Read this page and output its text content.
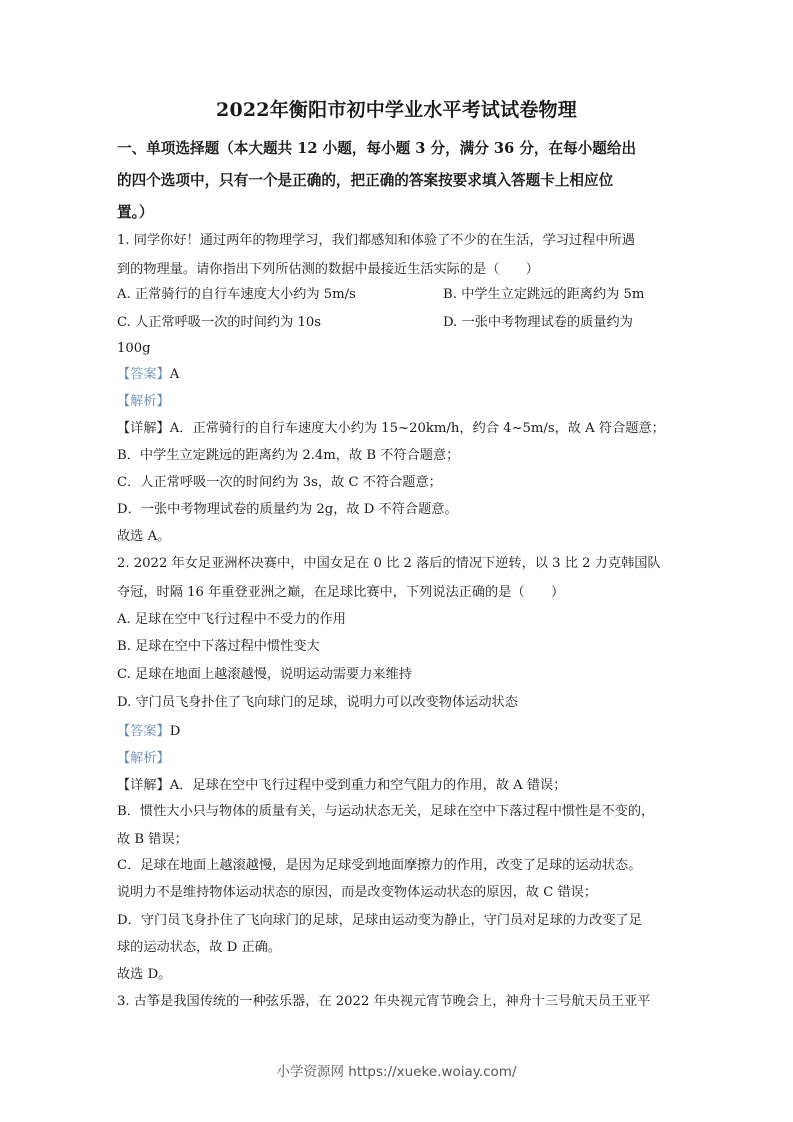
2022年衡阳市初中学业水平考试试卷物理
一、单项选择题（本大题共 12 小题，每小题 3 分，满分 36 分，在每小题给出
的四个选项中，只有一个是正确的，把正确的答案按要求填入答题卡上相应位
置。）
1. 同学你好！通过两年的物理学习，我们都感知和体验了不少的在生活，学习过程中所遇
到的物理量。请你指出下列所估测的数据中最接近生活实际的是（　　）
A. 正常骑行的自行车速度大小约为 5m/s	B. 中学生立定跳远的距离约为 5m
C. 人正常呼吸一次的时间约为 10s	D. 一张中考物理试卷的质量约为
100g
【答案】A
【解析】
【详解】A．正常骑行的自行车速度大小约为 15~20km/h，约合 4~5m/s，故 A 符合题意；
B．中学生立定跳远的距离约为 2.4m，故 B 不符合题意；
C．人正常呼吸一次的时间约为 3s，故 C 不符合题意；
D．一张中考物理试卷的质量约为 2g，故 D 不符合题意。
故选 A。
2. 2022 年女足亚洲杯决赛中，中国女足在 0 比 2 落后的情况下逆转，以 3 比 2 力克韩国队
夺冠，时隔 16 年重登亚洲之巅，在足球比赛中，下列说法正确的是（　　）
A. 足球在空中飞行过程中不受力的作用
B. 足球在空中下落过程中惯性变大
C. 足球在地面上越滚越慢，说明运动需要力来维持
D. 守门员飞身扑住了飞向球门的足球，说明力可以改变物体运动状态
【答案】D
【解析】
【详解】A．足球在空中飞行过程中受到重力和空气阻力的作用，故 A 错误；
B．惯性大小只与物体的质量有关，与运动状态无关，足球在空中下落过程中惯性是不变的，
故 B 错误；
C．足球在地面上越滚越慢，是因为足球受到地面摩擦力的作用，改变了足球的运动状态。
说明力不是维持物体运动状态的原因，而是改变物体运动状态的原因，故 C 错误；
D．守门员飞身扑住了飞向球门的足球，足球由运动变为静止，守门员对足球的力改变了足
球的运动状态，故 D 正确。
故选 D。
3. 古筝是我国传统的一种弦乐器，在 2022 年央视元宵节晚会上，神舟十三号航天员王亚平
小学资源网 https://xueke.woiay.com/
